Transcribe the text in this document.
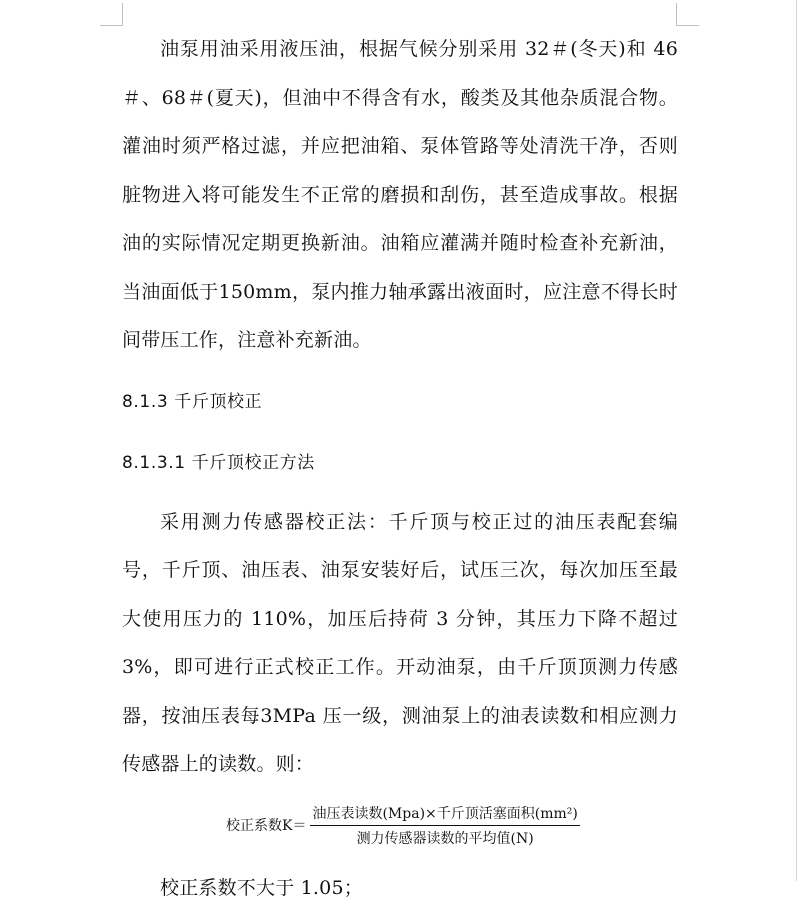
油泵用油采用液压油，根据气候分别采用 32＃(冬天)和 46＃、68＃(夏天)，但油中不得含有水，酸类及其他杂质混合物。灌油时须严格过滤，并应把油箱、泵体管路等处清洗干净，否则脏物进入将可能发生不正常的磨损和刮伤，甚至造成事故。根据油的实际情况定期更换新油。油箱应灌满并随时检查补充新油，当油面低于150mm，泵内推力轴承露出液面时，应注意不得长时间带压工作，注意补充新油。

8.1.3 千斤顶校正

8.1.3.1 千斤顶校正方法

采用测力传感器校正法：千斤顶与校正过的油压表配套编号，千斤顶、油压表、油泵安装好后，试压三次，每次加压至最大使用压力的 110%，加压后持荷 3 分钟，其压力下降不超过 3%，即可进行正式校正工作。开动油泵，由千斤顶顶测力传感器，按油压表每3MPa 压一级，测油泵上的油表读数和相应测力传感器上的读数。则：

校正系数$K= \frac{\text{油压表读数(Mpa)×千斤顶活塞面积(mm²)}}{\text{测力传感器读数的平均值(N)}}$

校正系数不大于 1.05；
